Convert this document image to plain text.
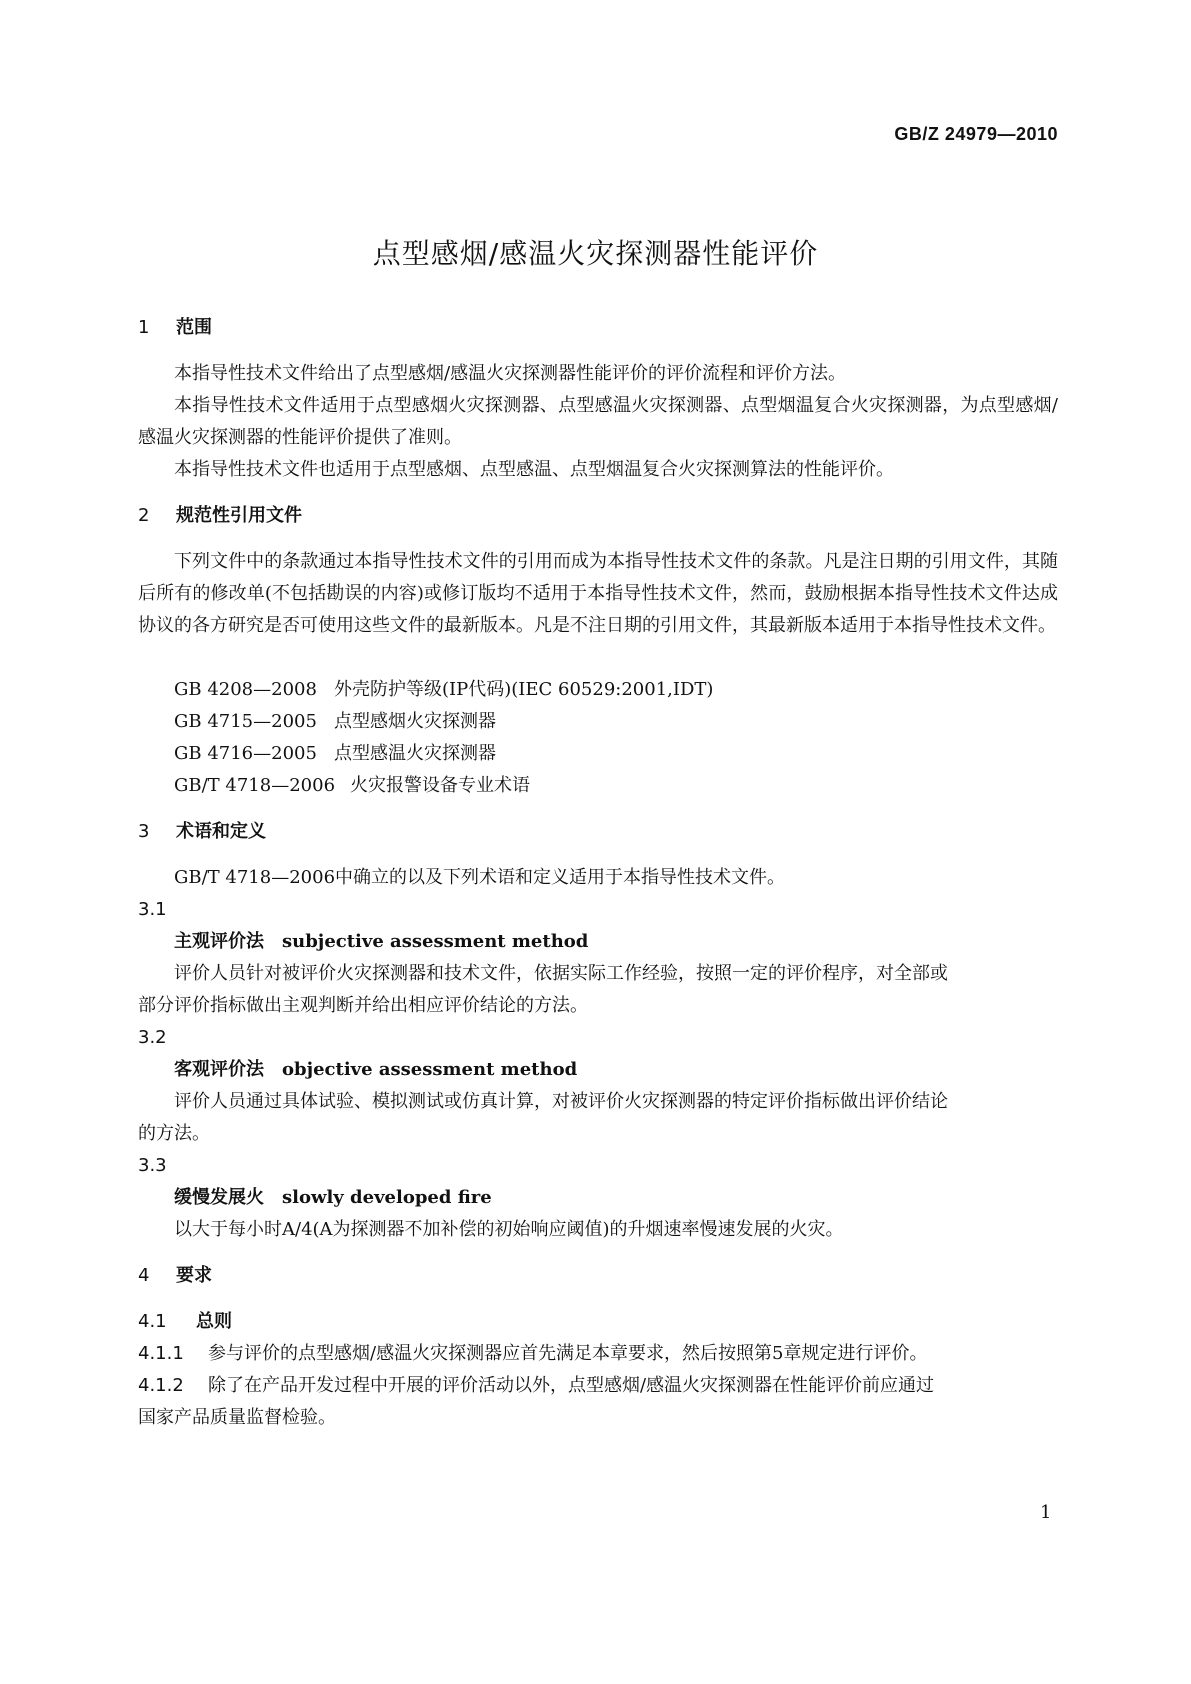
GB/Z 24979—2010
点型感烟/感温火灾探测器性能评价
1 范围
本指导性技术文件给出了点型感烟/感温火灾探测器性能评价的评价流程和评价方法。
本指导性技术文件适用于点型感烟火灾探测器、点型感温火灾探测器、点型烟温复合火灾探测器，为点型感烟/感温火灾探测器的性能评价提供了准则。
本指导性技术文件也适用于点型感烟、点型感温、点型烟温复合火灾探测算法的性能评价。
2 规范性引用文件
下列文件中的条款通过本指导性技术文件的引用而成为本指导性技术文件的条款。凡是注日期的引用文件，其随后所有的修改单(不包括勘误的内容)或修订版均不适用于本指导性技术文件，然而，鼓励根据本指导性技术文件达成协议的各方研究是否可使用这些文件的最新版本。凡是不注日期的引用文件，其最新版本适用于本指导性技术文件。
GB 4208—2008 外壳防护等级(IP代码)(IEC 60529:2001,IDT)
GB 4715—2005 点型感烟火灾探测器
GB 4716—2005 点型感温火灾探测器
GB/T 4718—2006 火灾报警设备专业术语
3 术语和定义
GB/T 4718—2006中确立的以及下列术语和定义适用于本指导性技术文件。
3.1
主观评价法 subjective assessment method
评价人员针对被评价火灾探测器和技术文件，依据实际工作经验，按照一定的评价程序，对全部或
部分评价指标做出主观判断并给出相应评价结论的方法。
3.2
客观评价法 objective assessment method
评价人员通过具体试验、模拟测试或仿真计算，对被评价火灾探测器的特定评价指标做出评价结论
的方法。
3.3
缓慢发展火 slowly developed fire
以大于每小时A/4(A为探测器不加补偿的初始响应阈值)的升烟速率慢速发展的火灾。
4 要求
4.1 总则
4.1.1 参与评价的点型感烟/感温火灾探测器应首先满足本章要求，然后按照第5章规定进行评价。
4.1.2 除了在产品开发过程中开展的评价活动以外，点型感烟/感温火灾探测器在性能评价前应通过
国家产品质量监督检验。
1
